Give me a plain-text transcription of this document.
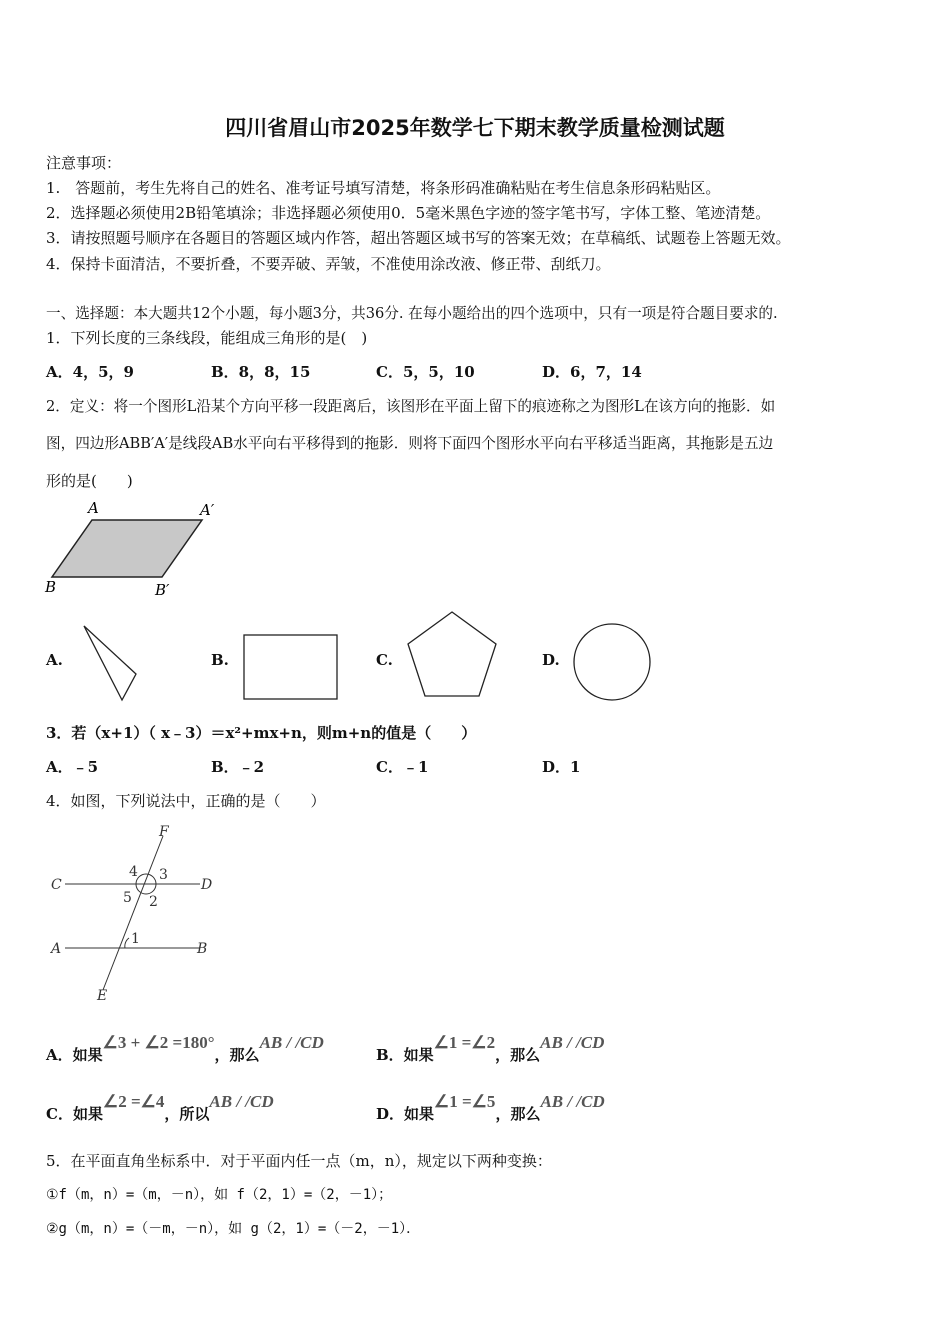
四川省眉山市2025年数学七下期末教学质量检测试题
注意事项：
1.　答题前，考生先将自己的姓名、准考证号填写清楚，将条形码准确粘贴在考生信息条形码粘贴区。
2．选择题必须使用2B铅笔填涂；非选择题必须使用0．5毫米黑色字迹的签字笔书写，字体工整、笔迹清楚。
3．请按照题号顺序在各题目的答题区域内作答，超出答题区域书写的答案无效；在草稿纸、试题卷上答题无效。
4．保持卡面清洁，不要折叠，不要弄破、弄皱，不准使用涂改液、修正带、刮纸刀。
一、选择题：本大题共12个小题，每小题3分，共36分. 在每小题给出的四个选项中，只有一项是符合题目要求的.
1．下列长度的三条线段，能组成三角形的是(　)
A．4，5，9	B．8，8，15	C．5，5，10	D．6，7，14
2．定义：将一个图形L沿某个方向平移一段距离后，该图形在平面上留下的痕迹称之为图形L在该方向的拖影．如
图，四边形ABB′A′是线段AB水平向右平移得到的拖影．则将下面四个图形水平向右平移适当距离，其拖影是五边
形的是(　　)
A	A′
B	B′
A.	B.	C.	D.
3．若（x+1）（ x﹣3）＝x²+mx+n，则m+n的值是（　　）
A．﹣5	B．﹣2	C．﹣1	D．1
4．如图，下列说法中，正确的是（　　）
F
C	D
A	B
E
4 3
5 2
1
A．如果∠3 + ∠2 =180°，那么AB / /CD
B．如果∠1 =∠2，那么AB / /CD
C．如果∠2 =∠4，所以AB / /CD
D．如果∠1 =∠5，那么AB / /CD
5．在平面直角坐标系中．对于平面内任一点（m，n），规定以下两种变换：
①f（m，n）=（m，－n），如 f（2，1）=（2，－1）；
②g（m，n）=（－m，－n），如 g（2，1）=（－2，－1）．
